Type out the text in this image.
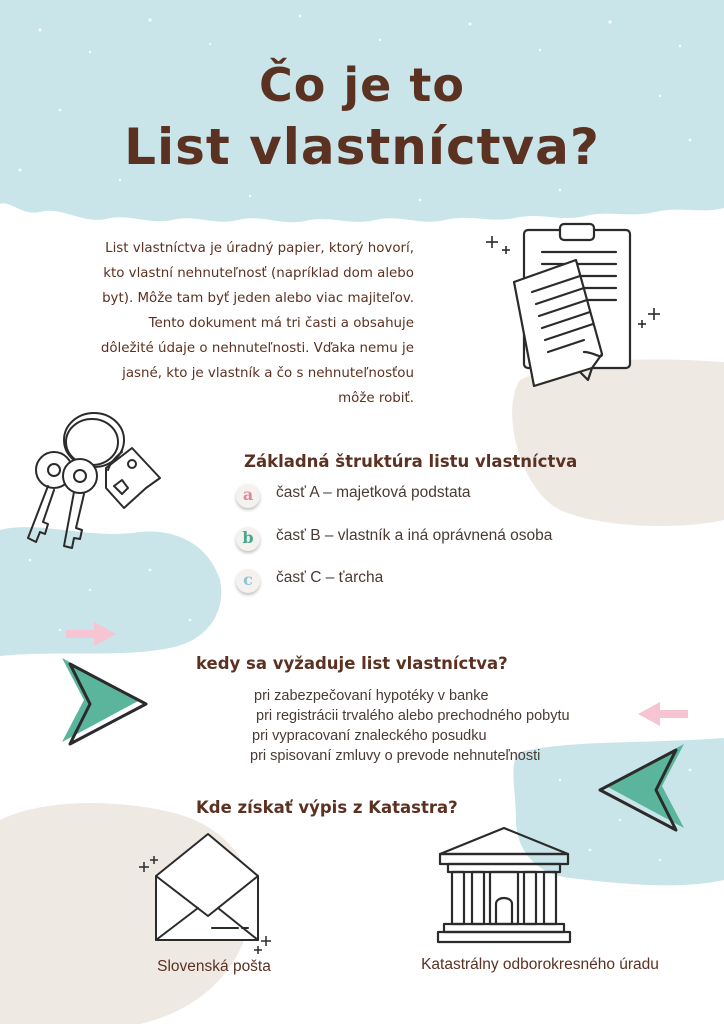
Čo je to
List vlastníctva?
List vlastníctva je úradný papier, ktorý hovorí,
kto vlastní nehnuteľnosť (napríklad dom alebo
byt). Môže tam byť jeden alebo viac majiteľov.
Tento dokument má tri časti a obsahuje
dôležité údaje o nehnuteľnosti. Vďaka nemu je
jasné, kto je vlastník a čo s nehnuteľnosťou
môže robiť.
Základná štruktúra listu vlastníctva
a	časť A – majetková podstata
b	časť B – vlastník a iná oprávnená osoba
c	časť C – ťarcha
kedy sa vyžaduje list vlastníctva?
pri zabezpečovaní hypotéky v banke
pri registrácii trvalého alebo prechodného pobytu
pri vypracovaní znaleckého posudku
pri spisovaní zmluvy o prevode nehnuteľnosti
Kde získať výpis z Katastra?
Slovenská pošta	Katastrálny odborokresného úradu
